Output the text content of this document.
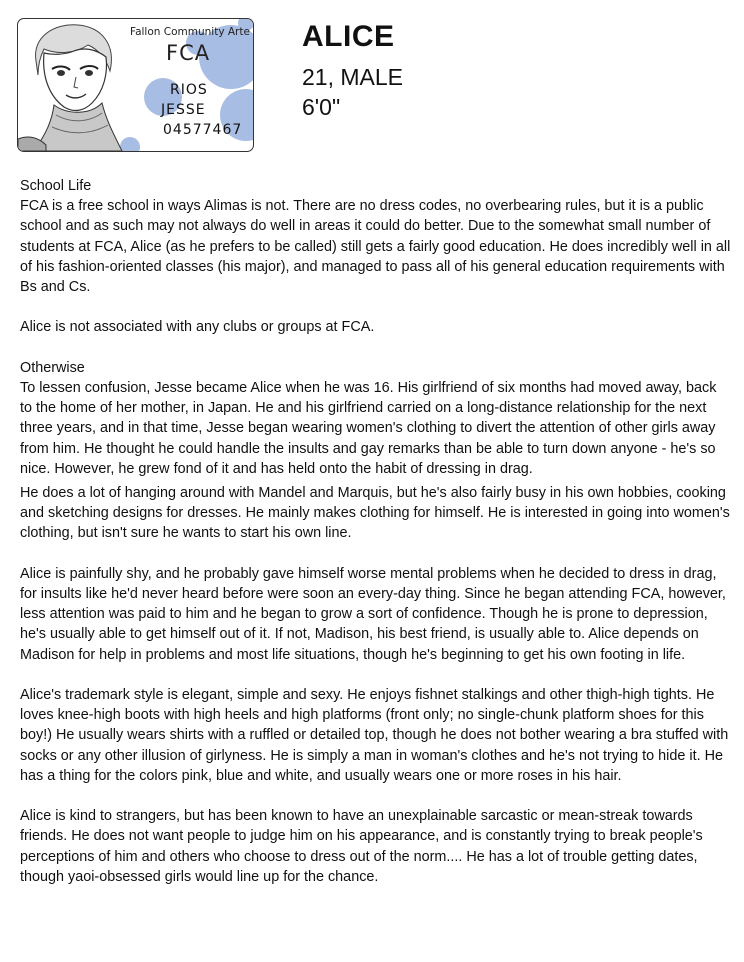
Fallon Community Arte
FCA
RIOS
JESSE
04577467
ALICE
21, MALE
6'0"

School Life

FCA is a free school in ways Alimas is not. There are no dress codes, no overbearing rules, but it is a public school and as such may not always do well in areas it could do better. Due to the somewhat small number of students at FCA, Alice (as he prefers to be called) still gets a fairly good education. He does incredibly well in all of his fashion-oriented classes (his major), and managed to pass all of his general education requirements with Bs and Cs.

Alice is not associated with any clubs or groups at FCA.

Otherwise

To lessen confusion, Jesse became Alice when he was 16. His girlfriend of six months had moved away, back to the home of her mother, in Japan. He and his girlfriend carried on a long-distance relationship for the next three years, and in that time, Jesse began wearing women's clothing to divert the attention of other girls away from him. He thought he could handle the insults and gay remarks than be able to turn down anyone - he's so nice. However, he grew fond of it and has held onto the habit of dressing in drag.

He does a lot of hanging around with Mandel and Marquis, but he's also fairly busy in his own hobbies, cooking and sketching designs for dresses. He mainly makes clothing for himself. He is interested in going into women's clothing, but isn't sure he wants to start his own line.

Alice is painfully shy, and he probably gave himself worse mental problems when he decided to dress in drag, for insults like he'd never heard before were soon an every-day thing. Since he began attending FCA, however, less attention was paid to him and he began to grow a sort of confidence. Though he is prone to depression, he's usually able to get himself out of it. If not, Madison, his best friend, is usually able to. Alice depends on Madison for help in problems and most life situations, though he's beginning to get his own footing in life.

Alice's trademark style is elegant, simple and sexy. He enjoys fishnet stalkings and other thigh-high tights. He loves knee-high boots with high heels and high platforms (front only; no single-chunk platform shoes for this boy!) He usually wears shirts with a ruffled or detailed top, though he does not bother wearing a bra stuffed with socks or any other illusion of girlyness. He is simply a man in woman's clothes and he's not trying to hide it. He has a thing for the colors pink, blue and white, and usually wears one or more roses in his hair.

Alice is kind to strangers, but has been known to have an unexplainable sarcastic or mean-streak towards friends. He does not want people to judge him on his appearance, and is constantly trying to break people's perceptions of him and others who choose to dress out of the norm.... He has a lot of trouble getting dates, though yaoi-obsessed girls would line up for the chance.
